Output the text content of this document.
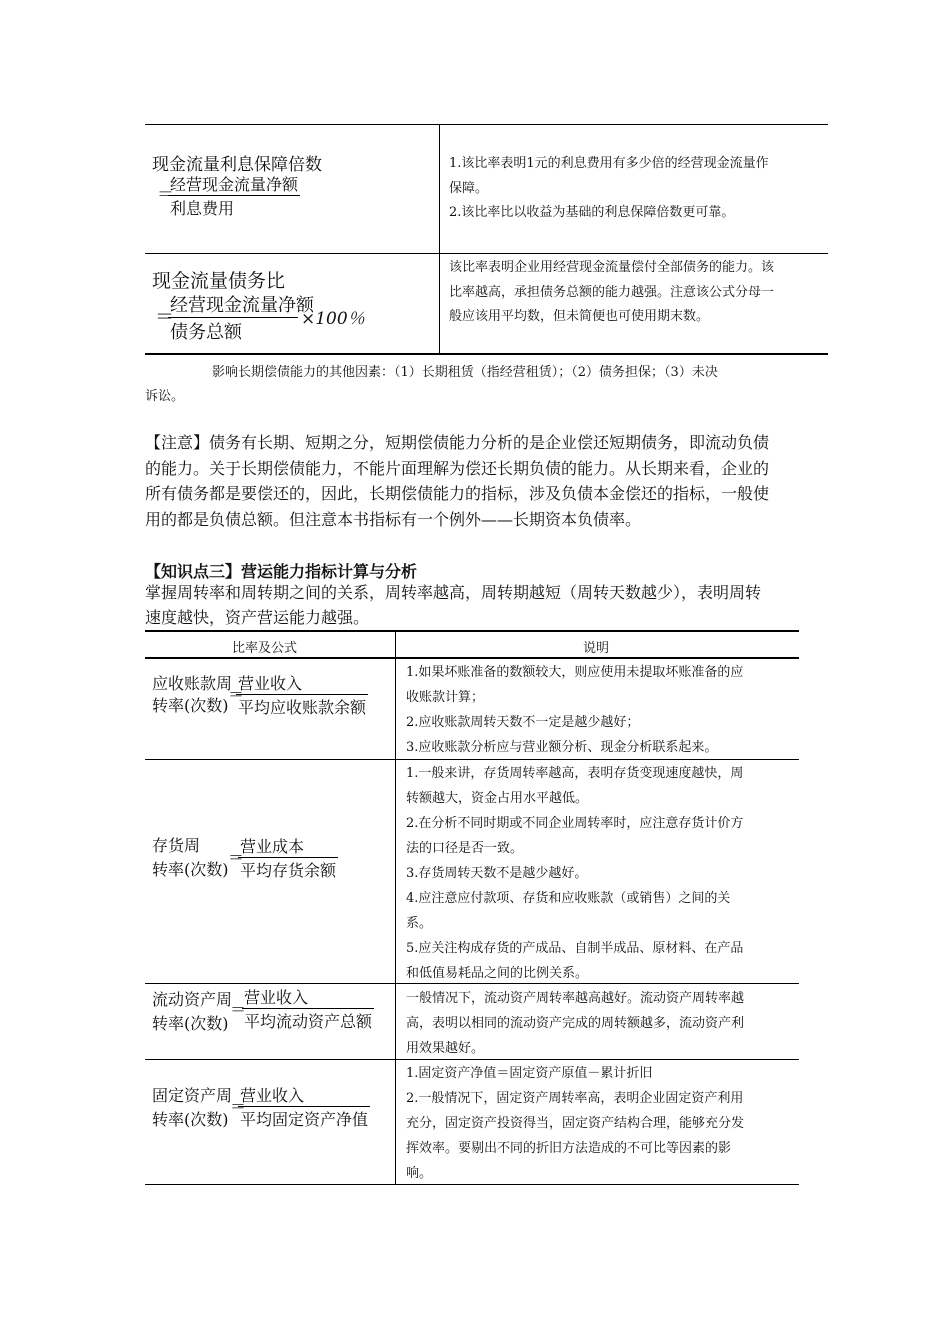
现金流量利息保障倍数
＝
经营现金流量净额
利息费用
1.该比率表明1元的利息费用有多少倍的经营现金流量作
保障。
2.该比率比以收益为基础的利息保障倍数更可靠。
现金流量债务比
＝
经营现金流量净额
债务总额
×100％
该比率表明企业用经营现金流量偿付全部债务的能力。该
比率越高，承担债务总额的能力越强。注意该公式分母一
般应该用平均数，但未简便也可使用期末数。
影响长期偿债能力的其他因素：（1）长期租赁（指经营租赁）；（2）债务担保；（3）未决
诉讼。
【注意】债务有长期、短期之分，短期偿债能力分析的是企业偿还短期债务，即流动负债
的能力。关于长期偿债能力，不能片面理解为偿还长期负债的能力。从长期来看，企业的
所有债务都是要偿还的，因此，长期偿债能力的指标，涉及负债本金偿还的指标，一般使
用的都是负债总额。但注意本书指标有一个例外——长期资本负债率。
【知识点三】营运能力指标计算与分析
掌握周转率和周转期之间的关系，周转率越高，周转期越短（周转天数越少），表明周转
速度越快，资产营运能力越强。
比率及公式	说明
应收账款周
转率(次数)
＝
营业收入
平均应收账款余额
1.如果坏账准备的数额较大，则应使用未提取坏账准备的应
收账款计算；
2.应收账款周转天数不一定是越少越好；
3.应收账款分析应与营业额分析、现金分析联系起来。
存货周
转率(次数)
＝
营业成本
平均存货余额
1.一般来讲，存货周转率越高，表明存货变现速度越快，周
转额越大，资金占用水平越低。
2.在分析不同时期或不同企业周转率时，应注意存货计价方
法的口径是否一致。
3.存货周转天数不是越少越好。
4.应注意应付款项、存货和应收账款（或销售）之间的关
系。
5.应关注构成存货的产成品、自制半成品、原材料、在产品
和低值易耗品之间的比例关系。
流动资产周
转率(次数)
＝
营业收入
平均流动资产总额
一般情况下，流动资产周转率越高越好。流动资产周转率越
高，表明以相同的流动资产完成的周转额越多，流动资产利
用效果越好。
固定资产周
转率(次数)
＝
营业收入
平均固定资产净值
1.固定资产净值＝固定资产原值－累计折旧
2.一般情况下，固定资产周转率高，表明企业固定资产利用
充分，固定资产投资得当，固定资产结构合理，能够充分发
挥效率。要剔出不同的折旧方法造成的不可比等因素的影
响。
